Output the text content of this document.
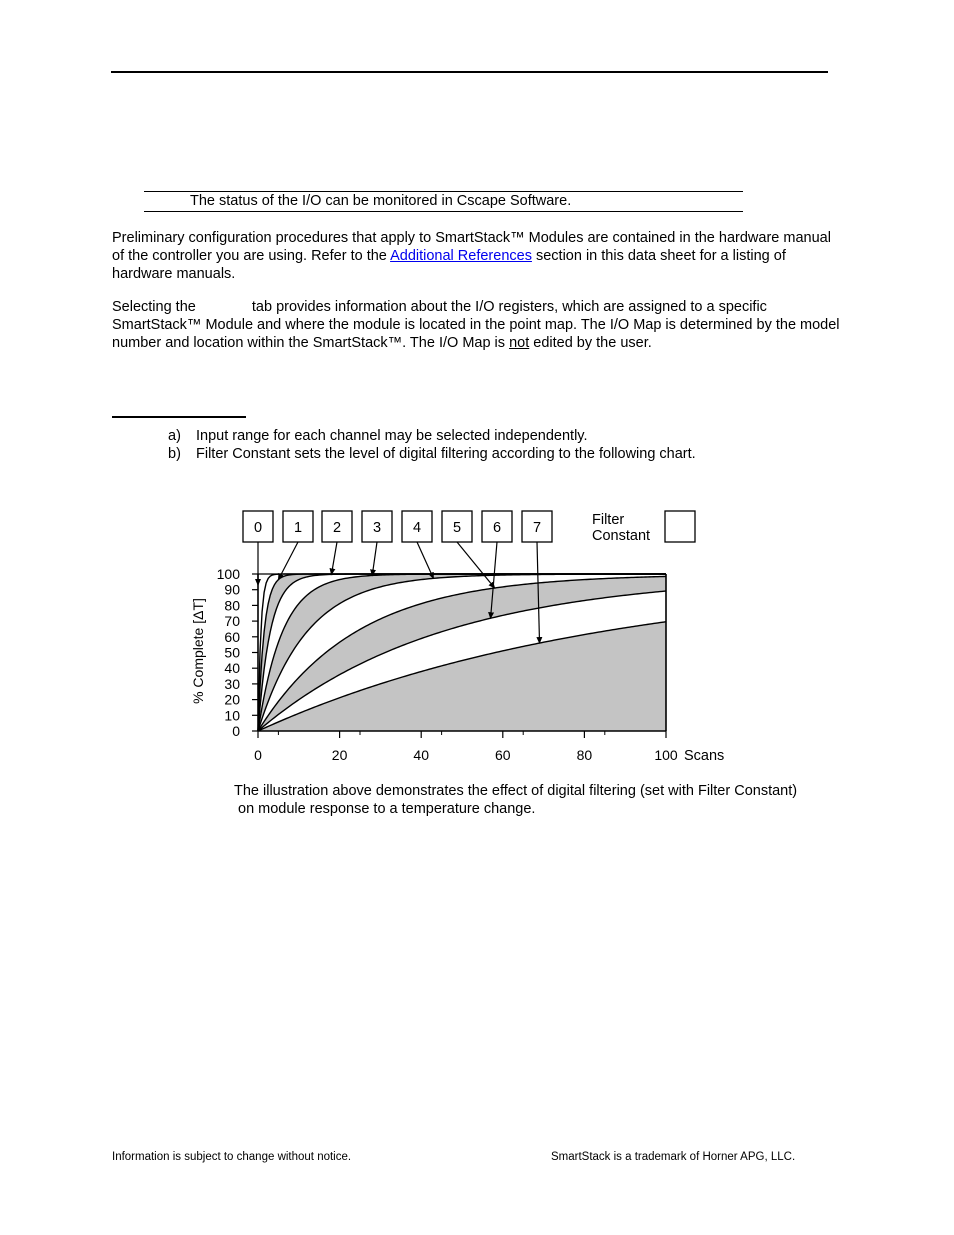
The status of the I/O can be monitored in Cscape Software.
Preliminary configuration procedures that apply to SmartStack™ Modules are contained in the hardware manual of the controller you are using. Refer to the Additional References section in this data sheet for a listing of hardware manuals.
Selecting the	tab provides information about the I/O registers, which are assigned to a specific SmartStack™ Module and where the module is located in the point map. The I/O Map is determined by the model number and location within the SmartStack™. The I/O Map is not edited by the user.
a) Input range for each channel may be selected independently.
b) Filter Constant sets the level of digital filtering according to the following chart.
0
10
20
30
40
50
60
70
80
90
100
0	20	40	60	80	100
0 1 2 3 4 5 6 7
% Complete [ΔT]
Scans
Filter
Constant
The illustration above demonstrates the effect of digital filtering (set with Filter Constant)
on module response to a temperature change.
Information is subject to change without notice.	SmartStack is a trademark of Horner APG, LLC.
